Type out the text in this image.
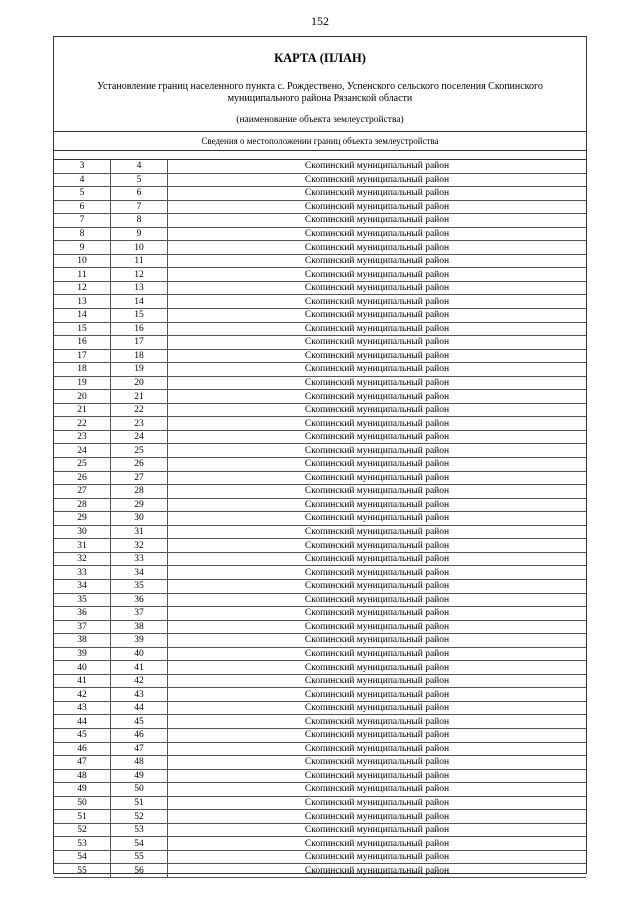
152
КАРТА (ПЛАН)
Установление границ населенного пункта с. Рождествено, Успенского сельского поселения Скопинского муниципального района Рязанской области
(наименование объекта землеустройства)
Сведения о местоположении границ объекта землеустройства
3	4	Скопинский муниципальный район
4	5	Скопинский муниципальный район
5	6	Скопинский муниципальный район
6	7	Скопинский муниципальный район
7	8	Скопинский муниципальный район
8	9	Скопинский муниципальный район
9	10	Скопинский муниципальный район
10	11	Скопинский муниципальный район
11	12	Скопинский муниципальный район
12	13	Скопинский муниципальный район
13	14	Скопинский муниципальный район
14	15	Скопинский муниципальный район
15	16	Скопинский муниципальный район
16	17	Скопинский муниципальный район
17	18	Скопинский муниципальный район
18	19	Скопинский муниципальный район
19	20	Скопинский муниципальный район
20	21	Скопинский муниципальный район
21	22	Скопинский муниципальный район
22	23	Скопинский муниципальный район
23	24	Скопинский муниципальный район
24	25	Скопинский муниципальный район
25	26	Скопинский муниципальный район
26	27	Скопинский муниципальный район
27	28	Скопинский муниципальный район
28	29	Скопинский муниципальный район
29	30	Скопинский муниципальный район
30	31	Скопинский муниципальный район
31	32	Скопинский муниципальный район
32	33	Скопинский муниципальный район
33	34	Скопинский муниципальный район
34	35	Скопинский муниципальный район
35	36	Скопинский муниципальный район
36	37	Скопинский муниципальный район
37	38	Скопинский муниципальный район
38	39	Скопинский муниципальный район
39	40	Скопинский муниципальный район
40	41	Скопинский муниципальный район
41	42	Скопинский муниципальный район
42	43	Скопинский муниципальный район
43	44	Скопинский муниципальный район
44	45	Скопинский муниципальный район
45	46	Скопинский муниципальный район
46	47	Скопинский муниципальный район
47	48	Скопинский муниципальный район
48	49	Скопинский муниципальный район
49	50	Скопинский муниципальный район
50	51	Скопинский муниципальный район
51	52	Скопинский муниципальный район
52	53	Скопинский муниципальный район
53	54	Скопинский муниципальный район
54	55	Скопинский муниципальный район
55	56	Скопинский муниципальный район
